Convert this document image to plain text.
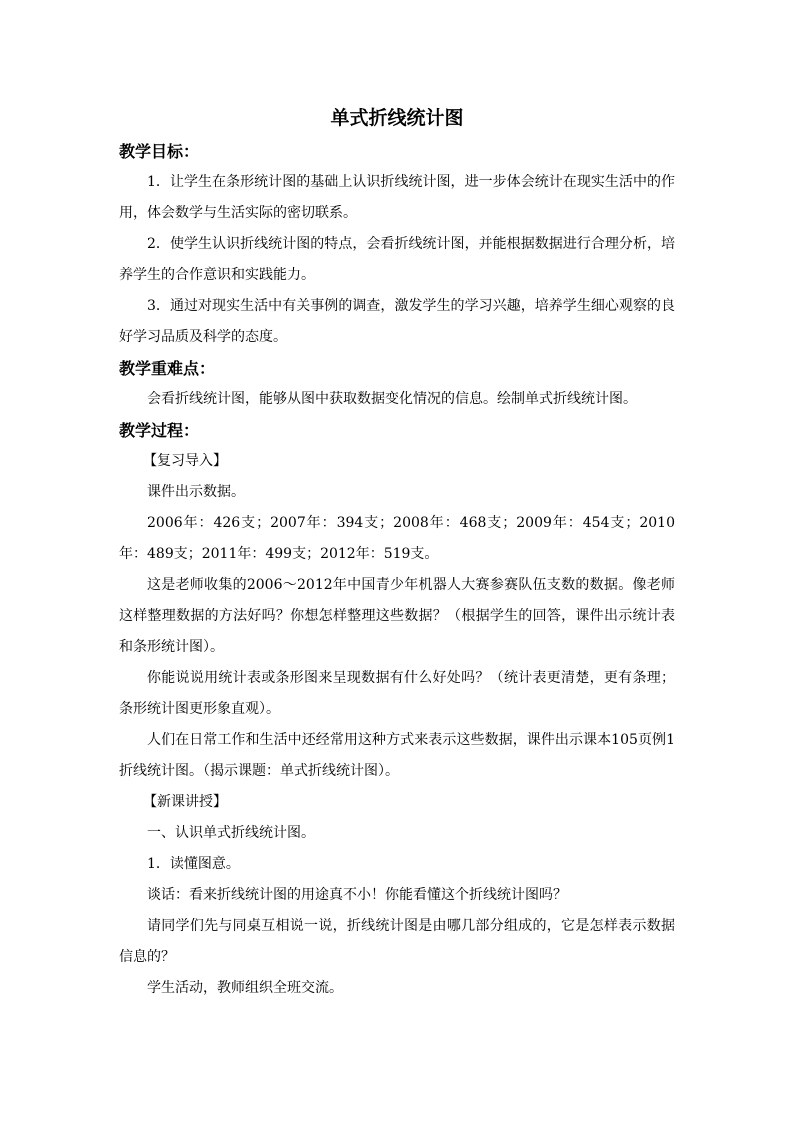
单式折线统计图
教学目标：

1．让学生在条形统计图的基础上认识折线统计图，进一步体会统计在现实生活中的作用，体会数学与生活实际的密切联系。

2．使学生认识折线统计图的特点，会看折线统计图，并能根据数据进行合理分析，培养学生的合作意识和实践能力。

3．通过对现实生活中有关事例的调查，激发学生的学习兴趣，培养学生细心观察的良好学习品质及科学的态度。

教学重难点：

会看折线统计图，能够从图中获取数据变化情况的信息。绘制单式折线统计图。

教学过程：
【复习导入】

课件出示数据。

2006年：426支；2007年：394支；2008年：468支；2009年：454支；2010年：489支；2011年：499支；2012年：519支。

这是老师收集的2006～2012年中国青少年机器人大赛参赛队伍支数的数据。像老师这样整理数据的方法好吗？你想怎样整理这些数据？（根据学生的回答，课件出示统计表和条形统计图）。

你能说说用统计表或条形图来呈现数据有什么好处吗？（统计表更清楚，更有条理；条形统计图更形象直观）。

人们在日常工作和生活中还经常用这种方式来表示这些数据，课件出示课本105页例1折线统计图。（揭示课题：单式折线统计图）。

【新课讲授】

一、认识单式折线统计图。

1．读懂图意。

谈话：看来折线统计图的用途真不小！你能看懂这个折线统计图吗？

请同学们先与同桌互相说一说，折线统计图是由哪几部分组成的，它是怎样表示数据信息的？

学生活动，教师组织全班交流。
